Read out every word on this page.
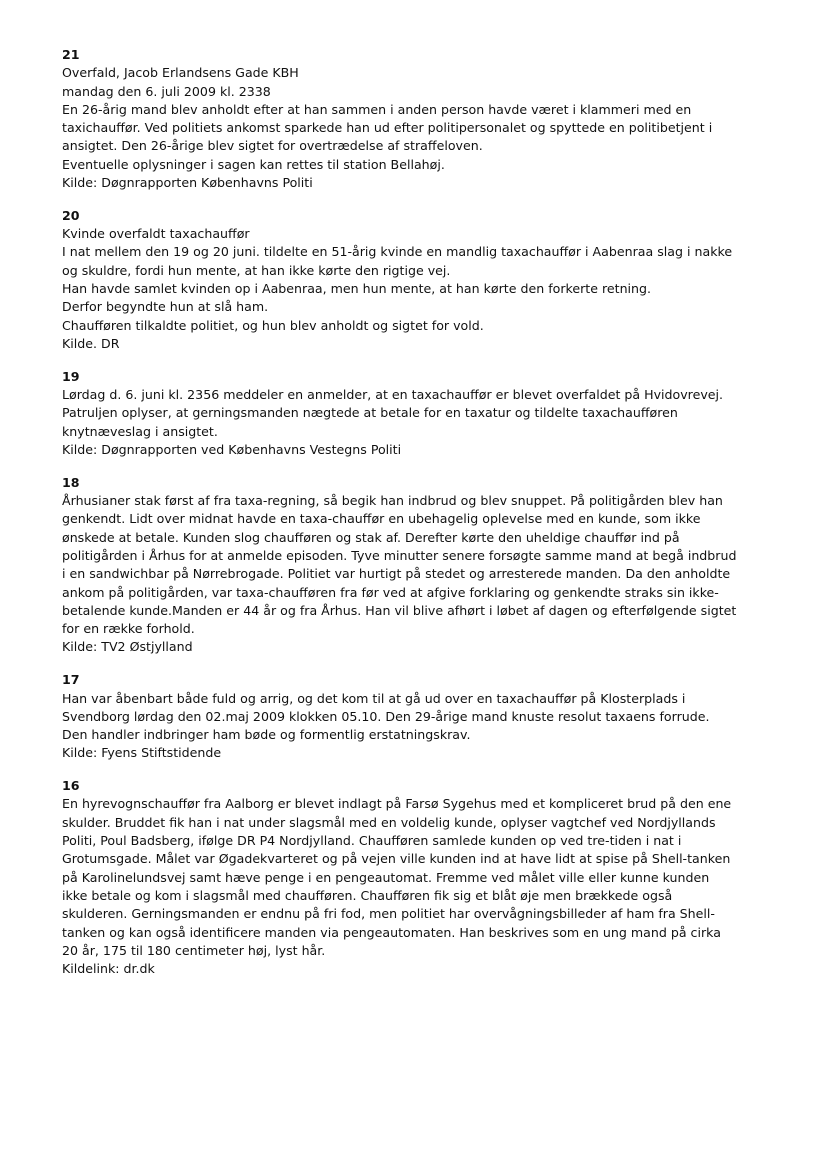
21
Overfald, Jacob Erlandsens Gade KBH
mandag den 6. juli 2009 kl. 2338
En 26-årig mand blev anholdt efter at han sammen i anden person havde været i klammeri med en
taxichauffør. Ved politiets ankomst sparkede han ud efter politipersonalet og spyttede en politibetjent i
ansigtet. Den 26-årige blev sigtet for overtrædelse af straffeloven.
Eventuelle oplysninger i sagen kan rettes til station Bellahøj.
Kilde: Døgnrapporten Københavns Politi
20
Kvinde overfaldt taxachauffør
I nat mellem den 19 og 20 juni. tildelte en 51-årig kvinde en mandlig taxachauffør i Aabenraa slag i nakke
og skuldre, fordi hun mente, at han ikke kørte den rigtige vej.
Han havde samlet kvinden op i Aabenraa, men hun mente, at han kørte den forkerte retning.
Derfor begyndte hun at slå ham.
Chaufføren tilkaldte politiet, og hun blev anholdt og sigtet for vold.
Kilde. DR
19
Lørdag d. 6. juni kl. 2356 meddeler en anmelder, at en taxachauffør er blevet overfaldet på Hvidovrevej.
Patruljen oplyser, at gerningsmanden nægtede at betale for en taxatur og tildelte taxachaufføren
knytnæveslag i ansigtet.
Kilde: Døgnrapporten ved Københavns Vestegns Politi
18
Århusianer stak først af fra taxa-regning, så begik han indbrud og blev snuppet. På politigården blev han
genkendt. Lidt over midnat havde en taxa-chauffør en ubehagelig oplevelse med en kunde, som ikke
ønskede at betale. Kunden slog chaufføren og stak af. Derefter kørte den uheldige chauffør ind på
politigården i Århus for at anmelde episoden. Tyve minutter senere forsøgte samme mand at begå indbrud
i en sandwichbar på Nørrebrogade. Politiet var hurtigt på stedet og arresterede manden. Da den anholdte
ankom på politigården, var taxa-chaufføren fra før ved at afgive forklaring og genkendte straks sin ikke-
betalende kunde.Manden er 44 år og fra Århus. Han vil blive afhørt i løbet af dagen og efterfølgende sigtet
for en række forhold.
Kilde: TV2 Østjylland
17
Han var åbenbart både fuld og arrig, og det kom til at gå ud over en taxachauffør på Klosterplads i
Svendborg lørdag den 02.maj 2009 klokken 05.10. Den 29-årige mand knuste resolut taxaens forrude.
Den handler indbringer ham bøde og formentlig erstatningskrav.
Kilde: Fyens Stiftstidende
16
En hyrevognschauffør fra Aalborg er blevet indlagt på Farsø Sygehus med et kompliceret brud på den ene
skulder. Bruddet fik han i nat under slagsmål med en voldelig kunde, oplyser vagtchef ved Nordjyllands
Politi, Poul Badsberg, ifølge DR P4 Nordjylland. Chaufføren samlede kunden op ved tre-tiden i nat i
Grotumsgade. Målet var Øgadekvarteret og på vejen ville kunden ind at have lidt at spise på Shell-tanken
på Karolinelundsvej samt hæve penge i en pengeautomat. Fremme ved målet ville eller kunne kunden
ikke betale og kom i slagsmål med chaufføren. Chaufføren fik sig et blåt øje men brækkede også
skulderen. Gerningsmanden er endnu på fri fod, men politiet har overvågningsbilleder af ham fra Shell-
tanken og kan også identificere manden via pengeautomaten. Han beskrives som en ung mand på cirka
20 år, 175 til 180 centimeter høj, lyst hår.
Kildelink: dr.dk
